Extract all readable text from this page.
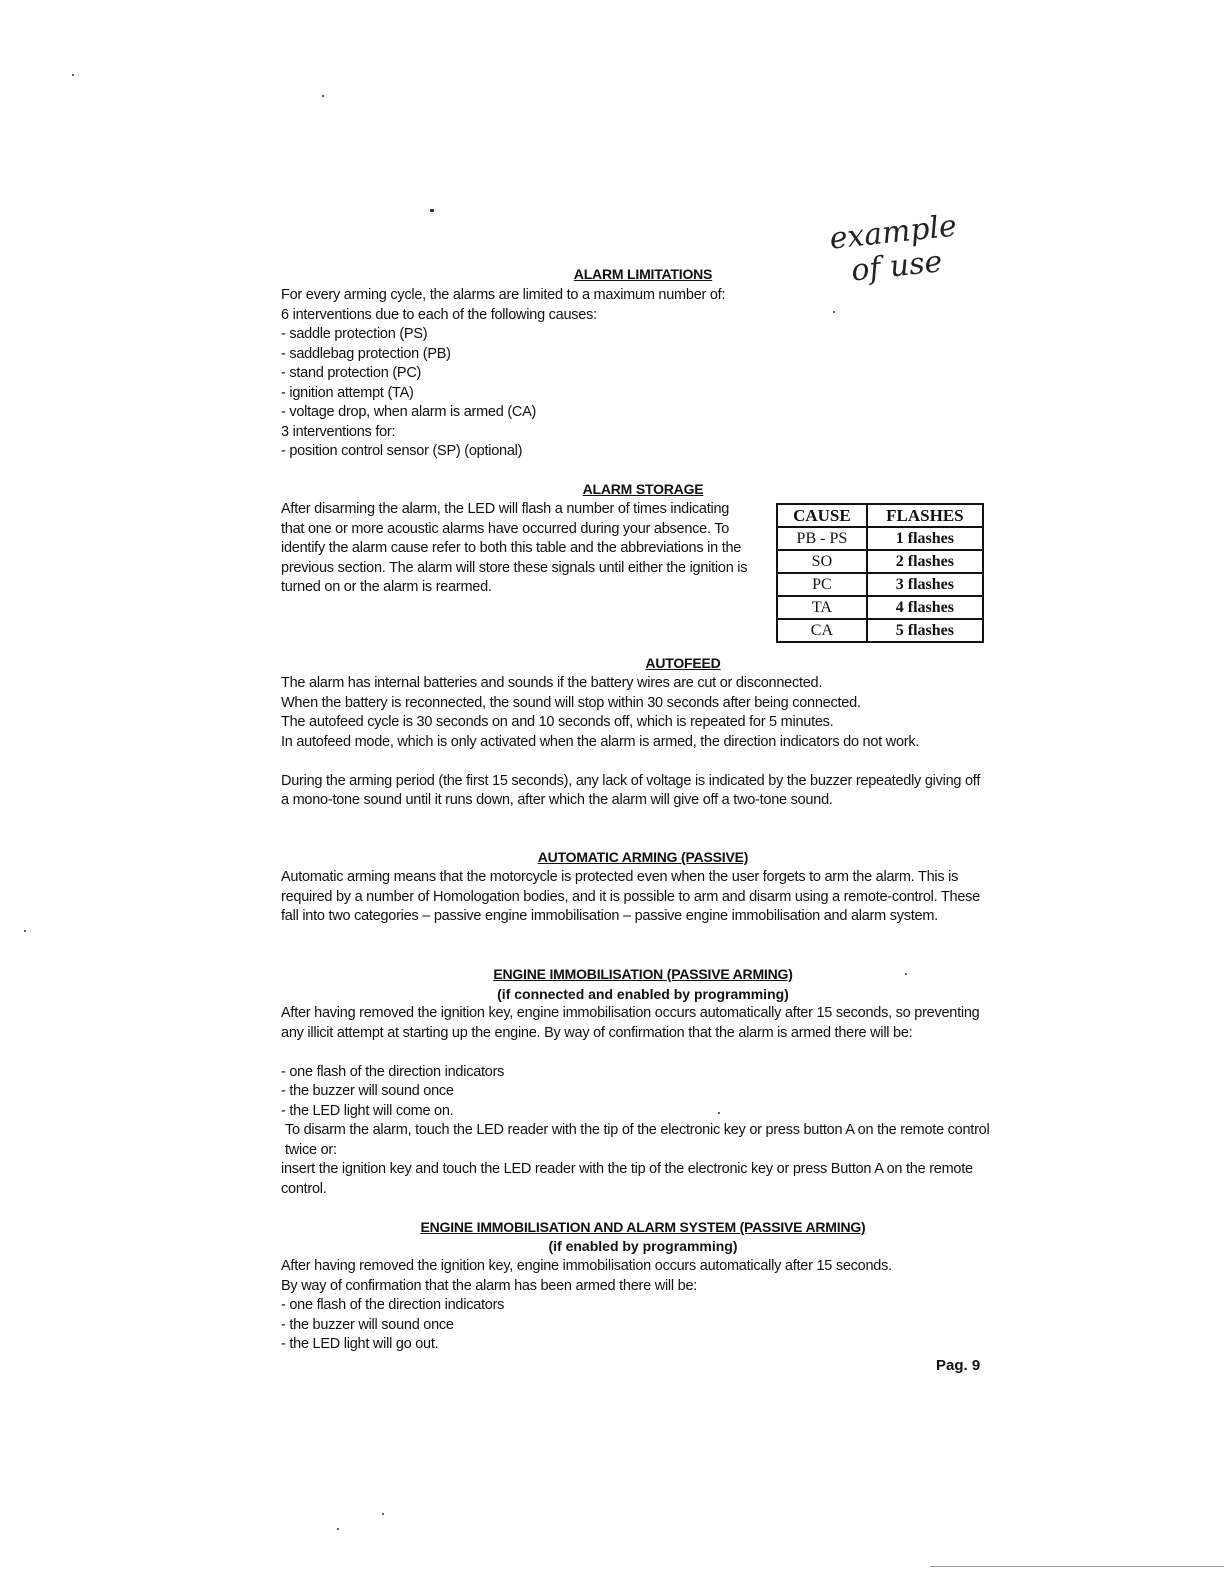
example
of use
ALARM LIMITATIONS
For every arming cycle, the alarms are limited to a maximum number of:
6 interventions due to each of the following causes:
- saddle protection (PS)
- saddlebag protection (PB)
- stand protection (PC)
- ignition attempt (TA)
- voltage drop, when alarm is armed (CA)
3 interventions for:
- position control sensor (SP) (optional)
ALARM STORAGE
After disarming the alarm, the LED will flash a number of times indicating that one or more acoustic alarms have occurred during your absence. To identify the alarm cause refer to both this table and the abbreviations in the previous section. The alarm will store these signals until either the ignition is turned on or the alarm is rearmed.
CAUSE	FLASHES
PB - PS	1 flashes
SO	2 flashes
PC	3 flashes
TA	4 flashes
CA	5 flashes
AUTOFEED
The alarm has internal batteries and sounds if the battery wires are cut or disconnected.
When the battery is reconnected, the sound will stop within 30 seconds after being connected.
The autofeed cycle is 30 seconds on and 10 seconds off, which is repeated for 5 minutes.
In autofeed mode, which is only activated when the alarm is armed, the direction indicators do not work.
During the arming period (the first 15 seconds), any lack of voltage is indicated by the buzzer repeatedly giving off a mono-tone sound until it runs down, after which the alarm will give off a two-tone sound.
AUTOMATIC ARMING (PASSIVE)
Automatic arming means that the motorcycle is protected even when the user forgets to arm the alarm. This is required by a number of Homologation bodies, and it is possible to arm and disarm using a remote-control. These fall into two categories – passive engine immobilisation – passive engine immobilisation and alarm system.
ENGINE IMMOBILISATION (PASSIVE ARMING)
(if connected and enabled by programming)
After having removed the ignition key, engine immobilisation occurs automatically after 15 seconds, so preventing any illicit attempt at starting up the engine. By way of confirmation that the alarm is armed there will be:
- one flash of the direction indicators
- the buzzer will sound once
- the LED light will come on.
To disarm the alarm, touch the LED reader with the tip of the electronic key or press button A on the remote control twice or:
insert the ignition key and touch the LED reader with the tip of the electronic key or press Button A on the remote control.
ENGINE IMMOBILISATION AND ALARM SYSTEM (PASSIVE ARMING)
(if enabled by programming)
After having removed the ignition key, engine immobilisation occurs automatically after 15 seconds.
By way of confirmation that the alarm has been armed there will be:
- one flash of the direction indicators
- the buzzer will sound once
- the LED light will go out.
Pag. 9
